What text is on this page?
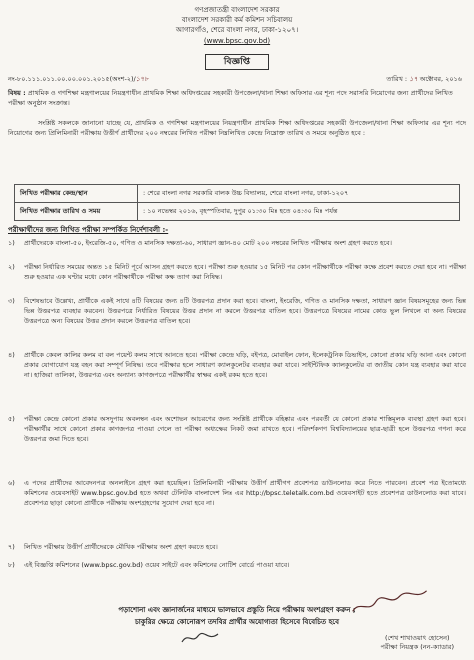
গণপ্রজাতন্ত্রী বাংলাদেশ সরকার
বাংলাদেশ সরকারী কর্ম কমিশন সচিবালয়
আগারগাঁও, শেরে বাংলা নগর, ঢাকা-১২০৭।
(www.bpsc.gov.bd)
বিজ্ঞপ্তি
নং-৮০.১১১.০১১.০০.০০.০০১.২০১৫(অংশ-২)/১৭৮	তারিখ : ১৭ অক্টোবর, ২০১৬
বিষয় : প্রাথমিক ও গণশিক্ষা মন্ত্রণালয়ের নিয়ন্ত্রণাধীন প্রাথমিক শিক্ষা অধিদপ্তরের সহকারী উপজেলা/থানা শিক্ষা অফিসার এর শূন্য পদে সরাসরি নিয়োগের জন্য প্রার্থীদের লিখিত পরীক্ষা অনুষ্ঠান সংক্রান্ত।
সংশ্লিষ্ট সকলকে জানানো যাচ্ছে যে, প্রাথমিক ও গণশিক্ষা মন্ত্রণালয়ের নিয়ন্ত্রণাধীন প্রাথমিক শিক্ষা অধিদপ্তরের সহকারী উপজেলা/থানা শিক্ষা অফিসার এর শূন্য পদে নিয়োগের জন্য প্রিলিমিনারী পরীক্ষায় উত্তীর্ণ প্রার্থীদের ২০০ নম্বরের লিখিত পরীক্ষা নিম্নলিখিত কেন্দ্রে নিম্নোক্ত তারিখ ও সময়ে অনুষ্ঠিত হবে :
লিখিত পরীক্ষার কেন্দ্র/স্থান	: শেরে বাংলা নগর সরকারি বালক উচ্চ বিদ্যালয়, শেরে বাংলা নগর, ঢাকা-১২০৭
লিখিত পরীক্ষার তারিখ ও সময়	: ১০ নভেম্বর ২০১৬, বৃহস্পতিবার, দুপুর ০১:৩০ মিঃ হতে ০৪:৩০ মিঃ পর্যন্ত
পরীক্ষার্থীদের জন্য লিখিত পরীক্ষা সম্পর্কিত নির্দেশাবলী :-
১)	প্রার্থীদেরকে বাংলা-৫০, ইংরেজি-৫০, গণিত ও মানসিক দক্ষতা-৬০, সাধারণ জ্ঞান-৪০ মোট ২০০ নম্বরের লিখিত পরীক্ষায় অংশ গ্রহণ করতে হবে।
২)	পরীক্ষা নির্ধারিত সময়ের অন্তত ১৫ মিনিট পূর্বে আসন গ্রহণ করতে হবে। পরীক্ষা শুরু হওয়ার ১৫ মিনিট পর কোন পরীক্ষার্থীকে পরীক্ষা কক্ষে প্রবেশ করতে দেয়া হবে না। পরীক্ষা শুরু হওয়ার এক ঘণ্টার মধ্যে কোন পরীক্ষার্থীকে পরীক্ষা কক্ষ ত্যাগ করা নিষিদ্ধ।
৩)	বিশেষভাবে উল্লেখ্য, প্রার্থীকে একই সাথে ৪টি বিষয়ের জন্য ৪টি উত্তরপত্র প্রদান করা হবে। বাংলা, ইংরেজি, গণিত ও মানসিক দক্ষতা, সাধারণ জ্ঞান বিষয়সমূহের জন্য ভিন্ন ভিন্ন উত্তরপত্র ব্যবহার করবেন। উত্তরপত্রে নির্ধারিত বিষয়ের উত্তর প্রদান না করলে উত্তরপত্র বাতিল হবে। উত্তরপত্রে বিষয়ের নামের কোড ভুল লিখলে বা অন্য বিষয়ের উত্তরপত্রে অন্য বিষয়ের উত্তর প্রদান করলে উত্তরপত্র বাতিল হবে।
৪)	প্রার্থীকে কেবল কালির কলম বা বল পয়েন্ট কলম সাথে আনতে হবে। পরীক্ষা কেন্দ্রে ঘড়ি, বইপত্র, মোবাইল ফোন, ইলেকট্রনিক ডিভাইস, কোনো প্রকার ঘড়ি আনা এবং কোনো প্রকার যোগাযোগ যন্ত্র বহন করা সম্পূর্ণ নিষিদ্ধ। তবে পরীক্ষার হলে সাধারণ ক্যালকুলেটর ব্যবহার করা যাবে। সাইন্টিফিক ক্যালকুলেটর বা জাতীয় কোন যন্ত্র ব্যবহার করা যাবে না। হাজিরা তালিকা, উত্তরপত্র এবং অন্যান্য কাগজপত্রে পরীক্ষার্থীর স্বাক্ষর একই রকম হতে হবে।
৫)	পরীক্ষা কেন্দ্রে কোনো প্রকার অসদুপায় অবলম্বন এবং অশোভন আচরণের জন্য সংশ্লিষ্ট প্রার্থীকে বহিষ্কার এবং পরবর্তী যে কোনো প্রকার শাস্তিমূলক ব্যবস্থা গ্রহণ করা হবে। পরীক্ষার্থীর সাথে কোনো প্রকার কাগজপত্র পাওয়া গেলে তা পরীক্ষা অধ্যক্ষের নিকট জমা রাখতে হবে। পরিদর্শকগণ বিশ্ববিদ্যালয়ের ছাত্র-ছাত্রী হলে উত্তরপত্র গণনা করে উত্তরপত্র জমা দিতে হবে।
৬)	এ পদের প্রার্থীদের আবেদনপত্র অনলাইনে গ্রহণ করা হয়েছিল। প্রিলিমিনারী পরীক্ষায় উত্তীর্ণ প্রার্থীগণ প্রবেশপত্র ডাউনলোড করে নিতে পারবেন। প্রবেশ পত্র ইতোমধ্যে কমিশনের ওয়েবসাইট www.bpsc.gov.bd হতে অথবা টেলিটক বাংলাদেশ লিঃ এর http://bpsc.teletalk.com.bd ওয়েবসাইট হতে প্রবেশপত্র ডাউনলোড করা যাবে। প্রবেশপত্র ছাড়া কোনো প্রার্থীকে পরীক্ষায় অংশগ্রহণের সুযোগ দেয়া হবে না।
৭)	লিখিত পরীক্ষায় উত্তীর্ণ প্রার্থীদেরকে মৌখিক পরীক্ষায় অংশ গ্রহণ করতে হবে।
৮)	এই বিজ্ঞপ্তি কমিশনের (www.bpsc.gov.bd) ওয়েব সাইটে এবং কমিশনের নোটিশ বোর্ডে পাওয়া যাবে।
পড়াশোনা এবং জ্ঞানার্জনের মাধ্যমে ভালভাবে প্রস্তুতি নিয়ে পরীক্ষায় অংশগ্রহণ করুন ;
চাকুরির ক্ষেত্রে কোনোরূপ তদবির প্রার্থীর অযোগ্যতা হিসেবে বিবেচিত হবে
(শেখ শাখাওয়াৎ হোসেন)
পরীক্ষা নিয়ন্ত্রক (নন-ক্যাডার)
